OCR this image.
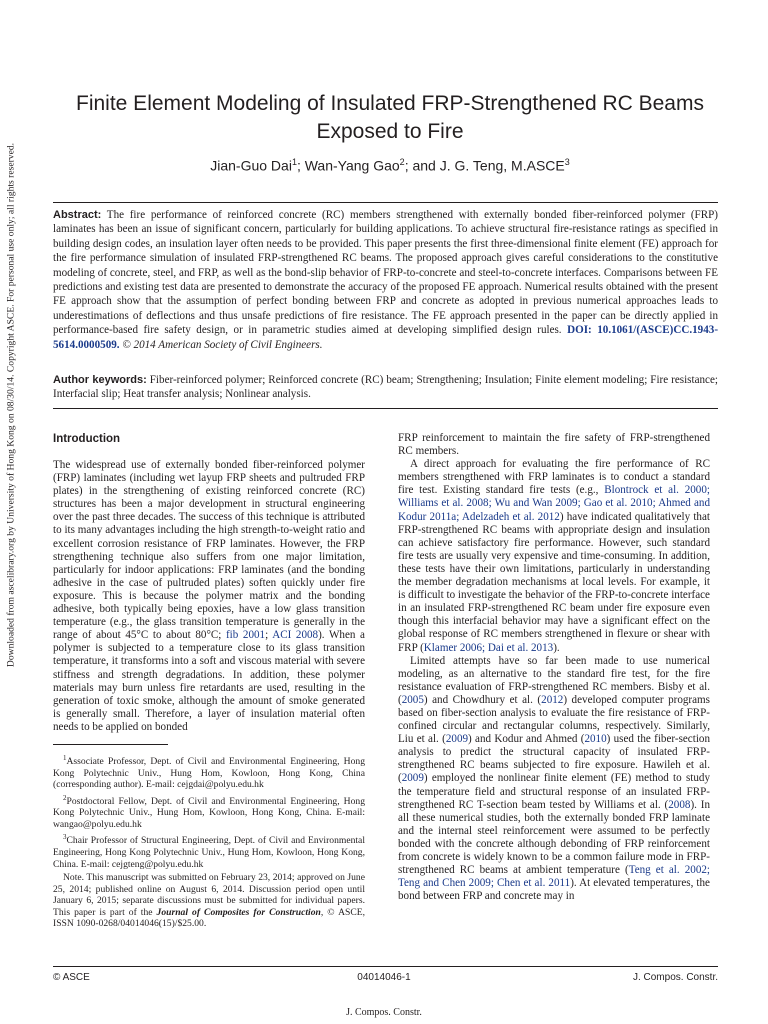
Downloaded from ascelibrary.org by University of Hong Kong on 08/30/14. Copyright ASCE. For personal use only; all rights reserved.
Finite Element Modeling of Insulated FRP-Strengthened RC Beams Exposed to Fire
Jian-Guo Dai$^1$; Wan-Yang Gao$^2$; and J. G. Teng, M.ASCE$^3$
Abstract: The fire performance of reinforced concrete (RC) members strengthened with externally bonded fiber-reinforced polymer (FRP) laminates has been an issue of significant concern, particularly for building applications. To achieve structural fire-resistance ratings as specified in building design codes, an insulation layer often needs to be provided. This paper presents the first three-dimensional finite element (FE) approach for the fire performance simulation of insulated FRP-strengthened RC beams. The proposed approach gives careful considerations to the constitutive modeling of concrete, steel, and FRP, as well as the bond-slip behavior of FRP-to-concrete and steel-to-concrete interfaces. Comparisons between FE predictions and existing test data are presented to demonstrate the accuracy of the proposed FE approach. Numerical results obtained with the present FE approach show that the assumption of perfect bonding between FRP and concrete as adopted in previous numerical approaches leads to underestimations of deflections and thus unsafe predictions of fire resistance. The FE approach presented in the paper can be directly applied in performance-based fire safety design, or in parametric studies aimed at developing simplified design rules. DOI: 10.1061/(ASCE)CC.1943-5614.0000509. © 2014 American Society of Civil Engineers.
Author keywords: Fiber-reinforced polymer; Reinforced concrete (RC) beam; Strengthening; Insulation; Finite element modeling; Fire resistance; Interfacial slip; Heat transfer analysis; Nonlinear analysis.
Introduction

The widespread use of externally bonded fiber-reinforced polymer (FRP) laminates (including wet layup FRP sheets and pultruded FRP plates) in the strengthening of existing reinforced concrete (RC) structures has been a major development in structural engineering over the past three decades. The success of this technique is attributed to its many advantages including the high strength-to-weight ratio and excellent corrosion resistance of FRP laminates. However, the FRP strengthening technique also suffers from one major limitation, particularly for indoor applications: FRP laminates (and the bonding adhesive in the case of pultruded plates) soften quickly under fire exposure. This is because the polymer matrix and the bonding adhesive, both typically being epoxies, have a low glass transition temperature (e.g., the glass transition temperature is generally in the range of about 45°C to about 80°C; fib 2001; ACI 2008). When a polymer is subjected to a temperature close to its glass transition temperature, it transforms into a soft and viscous material with severe stiffness and strength degradations. In addition, these polymer materials may burn unless fire retardants are used, resulting in the generation of toxic smoke, although the amount of smoke generated is generally small. Therefore, a layer of insulation material often needs to be applied on bonded

$^1$Associate Professor, Dept. of Civil and Environmental Engineering, Hong Kong Polytechnic Univ., Hung Hom, Kowloon, Hong Kong, China (corresponding author). E-mail: cejgdai@polyu.edu.hk

$^2$Postdoctoral Fellow, Dept. of Civil and Environmental Engineering, Hong Kong Polytechnic Univ., Hung Hom, Kowloon, Hong Kong, China. E-mail: wangao@polyu.edu.hk

$^3$Chair Professor of Structural Engineering, Dept. of Civil and Environmental Engineering, Hong Kong Polytechnic Univ., Hung Hom, Kowloon, Hong Kong, China. E-mail: cejgteng@polyu.edu.hk

Note. This manuscript was submitted on February 23, 2014; approved on June 25, 2014; published online on August 6, 2014. Discussion period open until January 6, 2015; separate discussions must be submitted for individual papers. This paper is part of the Journal of Composites for Construction, © ASCE, ISSN 1090-0268/04014046(15)/$25.00.

FRP reinforcement to maintain the fire safety of FRP-strengthened RC members.

A direct approach for evaluating the fire performance of RC members strengthened with FRP laminates is to conduct a standard fire test. Existing standard fire tests (e.g., Blontrock et al. 2000; Williams et al. 2008; Wu and Wan 2009; Gao et al. 2010; Ahmed and Kodur 2011a; Adelzadeh et al. 2012) have indicated qualitatively that FRP-strengthened RC beams with appropriate design and insulation can achieve satisfactory fire performance. However, such standard fire tests are usually very expensive and time-consuming. In addition, these tests have their own limitations, particularly in understanding the member degradation mechanisms at local levels. For example, it is difficult to investigate the behavior of the FRP-to-concrete interface in an insulated FRP-strengthened RC beam under fire exposure even though this interfacial behavior may have a significant effect on the global response of RC members strengthened in flexure or shear with FRP (Klamer 2006; Dai et al. 2013).

Limited attempts have so far been made to use numerical modeling, as an alternative to the standard fire test, for the fire resistance evaluation of FRP-strengthened RC members. Bisby et al. (2005) and Chowdhury et al. (2012) developed computer programs based on fiber-section analysis to evaluate the fire resistance of FRP-confined circular and rectangular columns, respectively. Similarly, Liu et al. (2009) and Kodur and Ahmed (2010) used the fiber-section analysis to predict the structural capacity of insulated FRP-strengthened RC beams subjected to fire exposure. Hawileh et al. (2009) employed the nonlinear finite element (FE) method to study the temperature field and structural response of an insulated FRP-strengthened RC T-section beam tested by Williams et al. (2008). In all these numerical studies, both the externally bonded FRP laminate and the internal steel reinforcement were assumed to be perfectly bonded with the concrete although debonding of FRP reinforcement from concrete is widely known to be a common failure mode in FRP-strengthened RC beams at ambient temperature (Teng et al. 2002; Teng and Chen 2009; Chen et al. 2011). At elevated temperatures, the bond between FRP and concrete may in

© ASCE	04014046-1	J. Compos. Constr.
J. Compos. Constr.
